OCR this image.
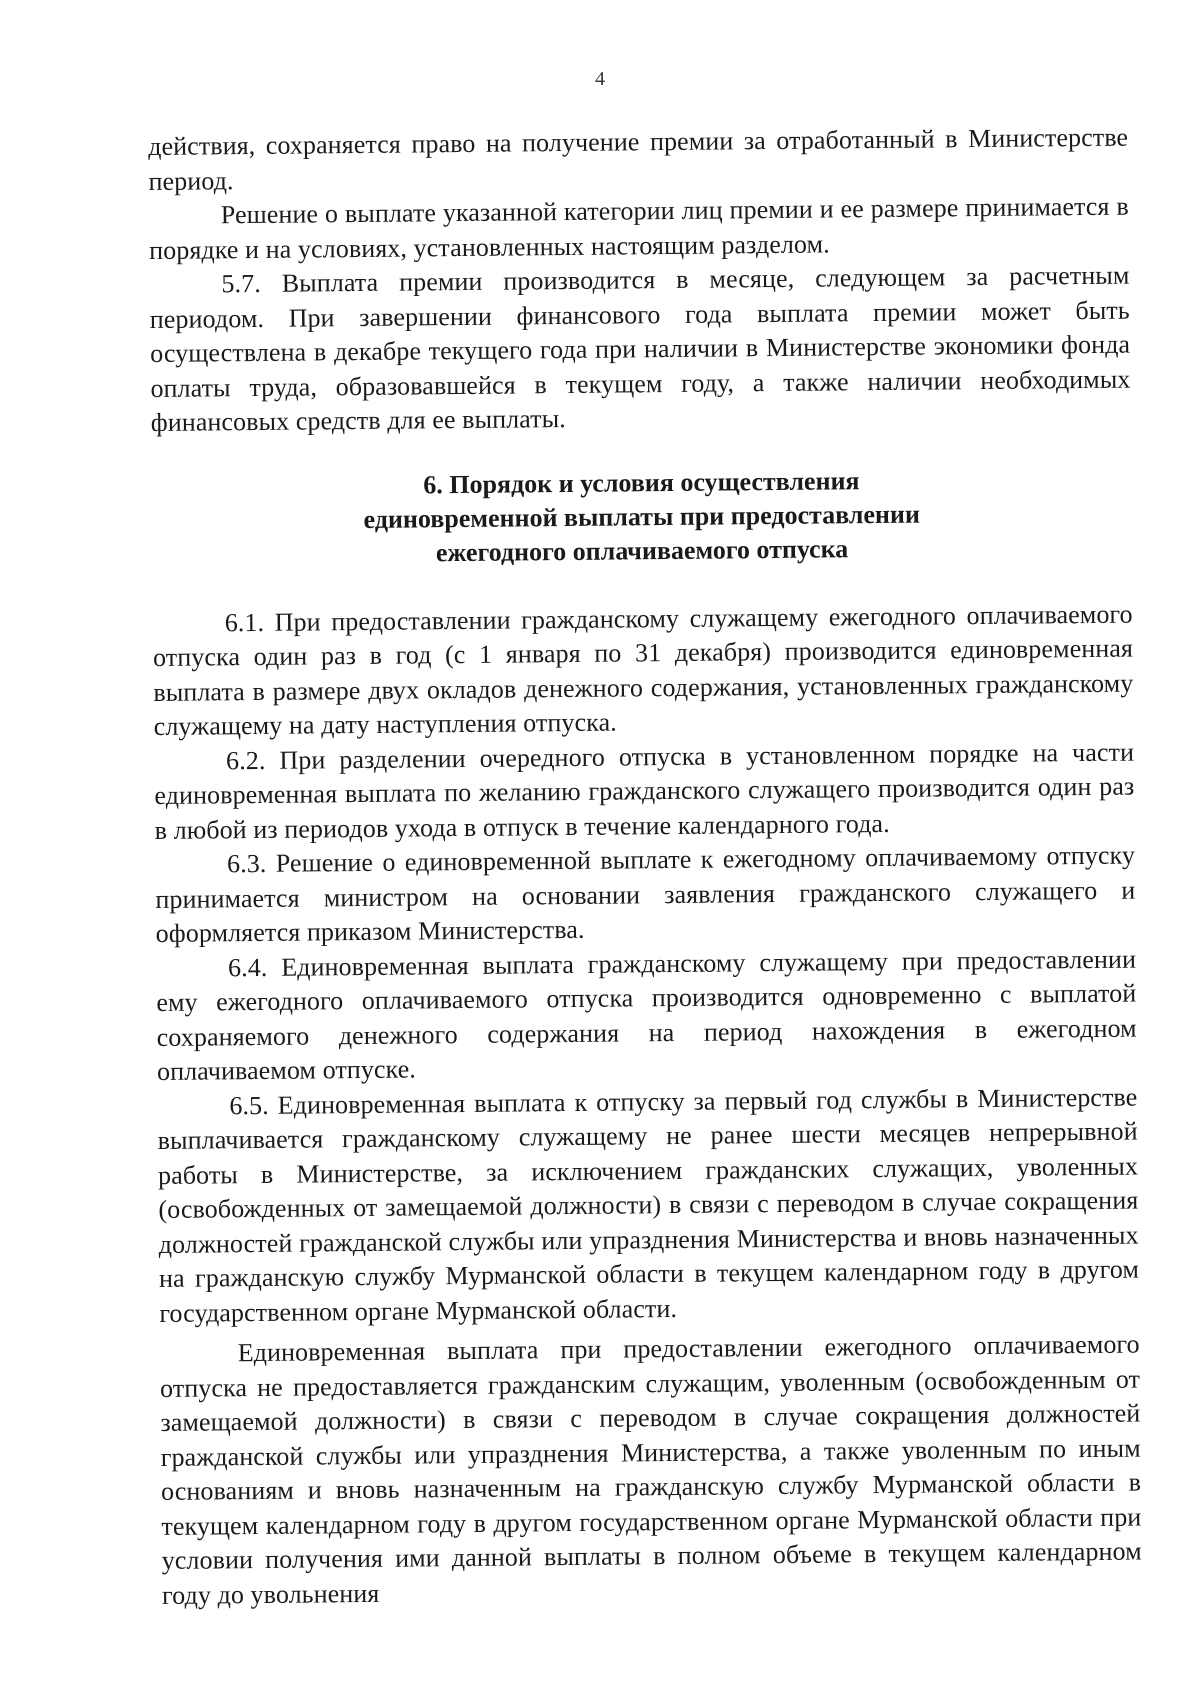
4

действия, сохраняется право на получение премии за отработанный в Министерстве период.

Решение о выплате указанной категории лиц премии и ее размере принимается в порядке и на условиях, установленных настоящим разделом.

5.7. Выплата премии производится в месяце, следующем за расчетным периодом. При завершении финансового года выплата премии может быть осуществлена в декабре текущего года при наличии в Министерстве экономики фонда оплаты труда, образовавшейся в текущем году, а также наличии необходимых финансовых средств для ее выплаты.

6. Порядок и условия осуществления
единовременной выплаты при предоставлении
ежегодного оплачиваемого отпуска

6.1. При предоставлении гражданскому служащему ежегодного оплачиваемого отпуска один раз в год (с 1 января по 31 декабря) производится единовременная выплата в размере двух окладов денежного содержания, установленных гражданскому служащему на дату наступления отпуска.

6.2. При разделении очередного отпуска в установленном порядке на части единовременная выплата по желанию гражданского служащего производится один раз в любой из периодов ухода в отпуск в течение календарного года.

6.3. Решение о единовременной выплате к ежегодному оплачиваемому отпуску принимается министром на основании заявления гражданского служащего и оформляется приказом Министерства.

6.4. Единовременная выплата гражданскому служащему при предоставлении ему ежегодного оплачиваемого отпуска производится одновременно с выплатой сохраняемого денежного содержания на период нахождения в ежегодном оплачиваемом отпуске.

6.5. Единовременная выплата к отпуску за первый год службы в Министерстве выплачивается гражданскому служащему не ранее шести месяцев непрерывной работы в Министерстве, за исключением гражданских служащих, уволенных (освобожденных от замещаемой должности) в связи с переводом в случае сокращения должностей гражданской службы или упразднения Министерства и вновь назначенных на гражданскую службу Мурманской области в текущем календарном году в другом государственном органе Мурманской области.

Единовременная выплата при предоставлении ежегодного оплачиваемого отпуска не предоставляется гражданским служащим, уволенным (освобожденным от замещаемой должности) в связи с переводом в случае сокращения должностей гражданской службы или упразднения Министерства, а также уволенным по иным основаниям и вновь назначенным на гражданскую службу Мурманской области в текущем календарном году в другом государственном органе Мурманской области при условии получения ими данной выплаты в полном объеме в текущем календарном году до увольнения
